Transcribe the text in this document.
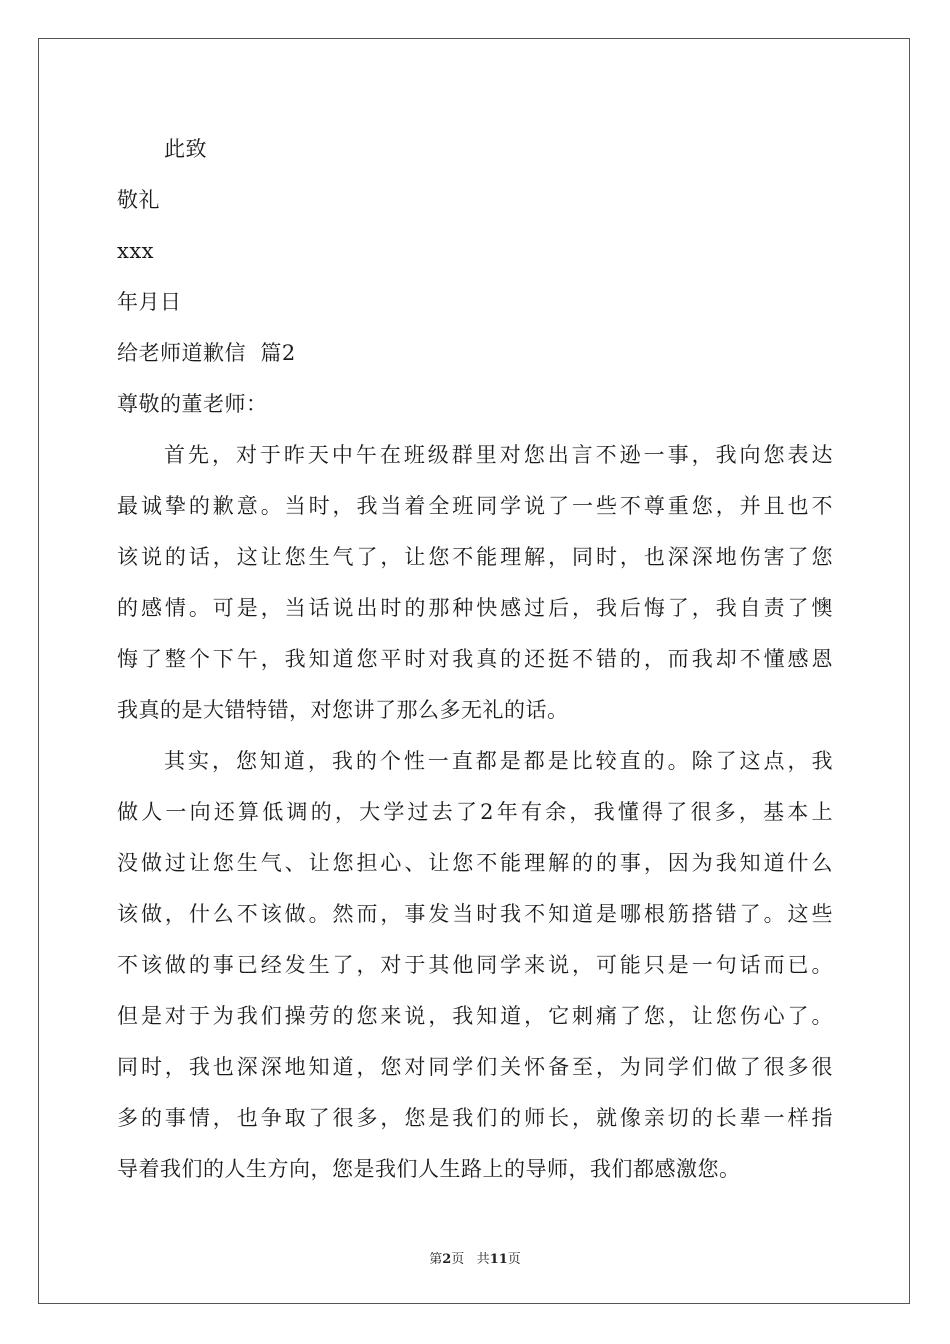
此致
敬礼
xxx
年月日
给老师道歉信  篇2
尊敬的董老师：
首先，对于昨天中午在班级群里对您出言不逊一事，我向您表达
最诚挚的歉意。当时，我当着全班同学说了一些不尊重您，并且也不
该说的话，这让您生气了，让您不能理解，同时，也深深地伤害了您
的感情。可是，当话说出时的那种快感过后，我后悔了，我自责了懊
悔了整个下午，我知道您平时对我真的还挺不错的，而我却不懂感恩
我真的是大错特错，对您讲了那么多无礼的话。
其实，您知道，我的个性一直都是都是比较直的。除了这点，我
做人一向还算低调的，大学过去了2年有余，我懂得了很多，基本上
没做过让您生气、让您担心、让您不能理解的的事，因为我知道什么
该做，什么不该做。然而，事发当时我不知道是哪根筋搭错了。这些
不该做的事已经发生了，对于其他同学来说，可能只是一句话而已。
但是对于为我们操劳的您来说，我知道，它刺痛了您，让您伤心了。
同时，我也深深地知道，您对同学们关怀备至，为同学们做了很多很
多的事情，也争取了很多，您是我们的师长，就像亲切的长辈一样指
导着我们的人生方向，您是我们人生路上的导师，我们都感激您。
第2页 共11页
